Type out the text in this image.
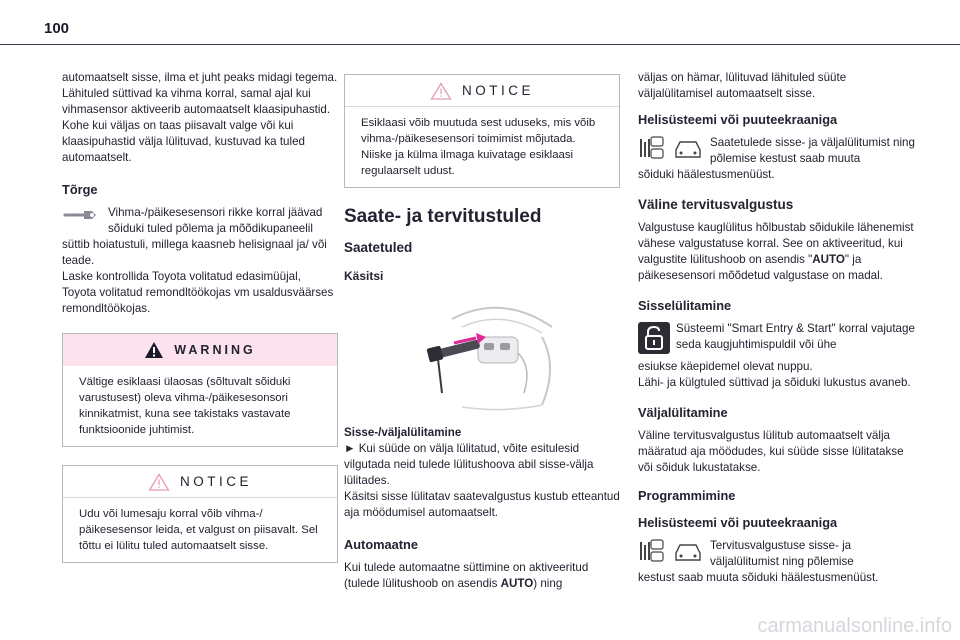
100

automaatselt sisse, ilma et juht peaks midagi tegema. Lähituled süttivad ka vihma korral, samal ajal kui vihmasensor aktiveerib automaatselt klaasipuhastid.
Kohe kui väljas on taas piisavalt valge või kui klaasipuhastid välja lülituvad, kustuvad ka tuled automaatselt.

Tõrge
Vihma-/päikesesensori rikke korral jäävad sõiduki tuled põlema ja mõõdikupaneelil

süttib hoiatustuli, millega kaasneb helisignaal ja/ või teade.
Laske kontrollida Toyota volitatud edasimüüjal, Toyota volitatud remondltöökojas vm usaldusväärses remondltöökojas.

WARNING
Vältige esiklaasi ülaosas (sõltuvalt sõiduki varustusest) oleva vihma-/päikesesonsori kinnikatmist, kuna see takistaks vastavate funktsioonide juhtimist.
NOTICE
Udu või lumesaju korral võib vihma-/ päikesesensor leida, et valgust on piisavalt. Sel tõttu ei lülitu tuled automaatselt sisse.
NOTICE
Esiklaasi võib muutuda sest uduseks, mis võib vihma-/päikesesensori toimimist mõjutada.
Niiske ja külma ilmaga kuivatage esiklaasi regulaarselt udust.
Saate- ja tervitustuled
Saatetuled
Käsitsi

Sisse-/väljalülitamine

► Kui süüde on välja lülitatud, võite esitulesid vilgutada neid tulede lülitushoova abil sisse-välja lülitades.
Käsitsi sisse lülitatav saatevalgustus kustub etteantud aja möödumisel automaatselt.

Automaatne

Kui tulede automaatne süttimine on aktiveeritud (tulede lülitushoob on asendis AUTO) ning

väljas on hämar, lülituvad lähituled süüte väljalülitamisel automaatselt sisse.

Helisüsteemi või puuteekraaniga
Saatetulede sisse- ja väljalülitumist ning põlemise kestust saab muuta

sõiduki häälestusmenüüst.

Väline tervitusvalgustus

Valgustuse kauglülitus hõlbustab sõidukile lähenemist vähese valgustatuse korral. See on aktiveeritud, kui valgustite lülitushoob on asendis "AUTO" ja päikesesensori mõõdetud valgustase on madal.

Sisselülitamine
Süsteemi "Smart Entry & Start" korral vajutage seda kaugjuhtimispuldil või ühe

esiukse käepidemel olevat nuppu.
Lähi- ja külgtuled süttivad ja sõiduki lukustus avaneb.

Väljalülitamine

Väline tervitusvalgustus lülitub automaatselt välja määratud aja möödudes, kui süüde sisse lülitatakse või sõiduk lukustatakse.

Programmimine
Helisüsteemi või puuteekraaniga
Tervitusvalgustuse sisse- ja väljalülitumist ning põlemise

kestust saab muuta sõiduki häälestusmenüüst.

carmanualsonline.info
